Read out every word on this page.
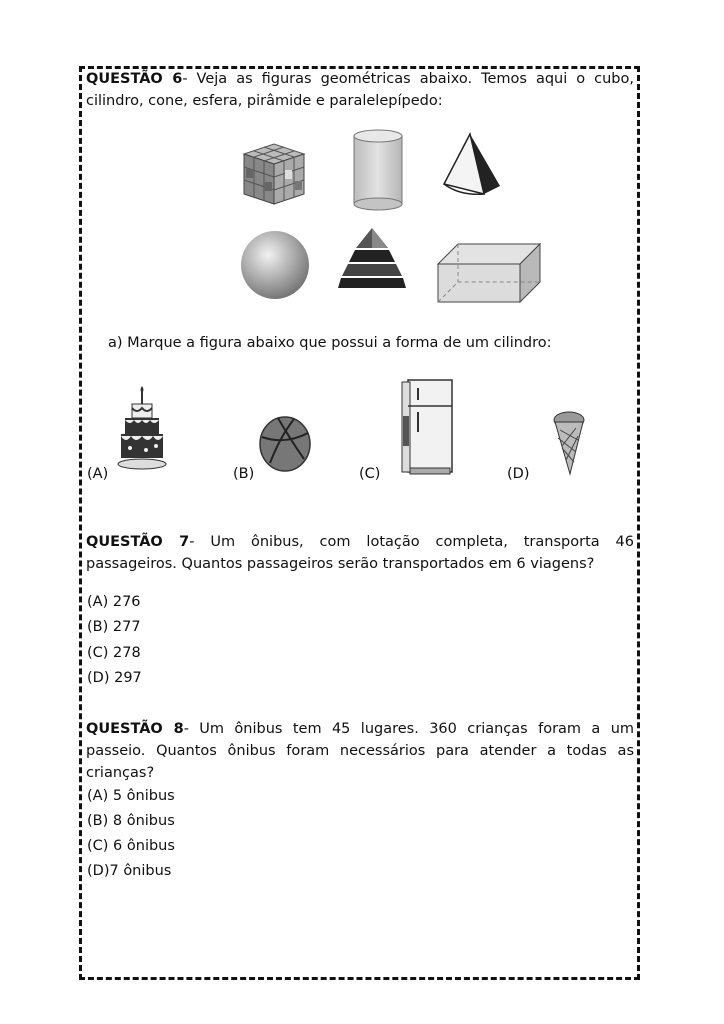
QUESTÃO 6- Veja as figuras geométricas abaixo. Temos aqui o cubo, cilindro, cone, esfera, pirâmide e paralelepípedo:
a) Marque a figura abaixo que possui a forma de um cilindro:
(A)	(B)	(C)	(D)
QUESTÃO 7- Um ônibus, com lotação completa, transporta 46 passageiros. Quantos passageiros serão transportados em 6 viagens?
(A) 276
(B) 277
(C) 278
(D) 297
QUESTÃO 8- Um ônibus tem 45 lugares. 360 crianças foram a um passeio. Quantos ônibus foram necessários para atender a todas as crianças?
(A) 5 ônibus
(B) 8 ônibus
(C) 6 ônibus
(D)7 ônibus
